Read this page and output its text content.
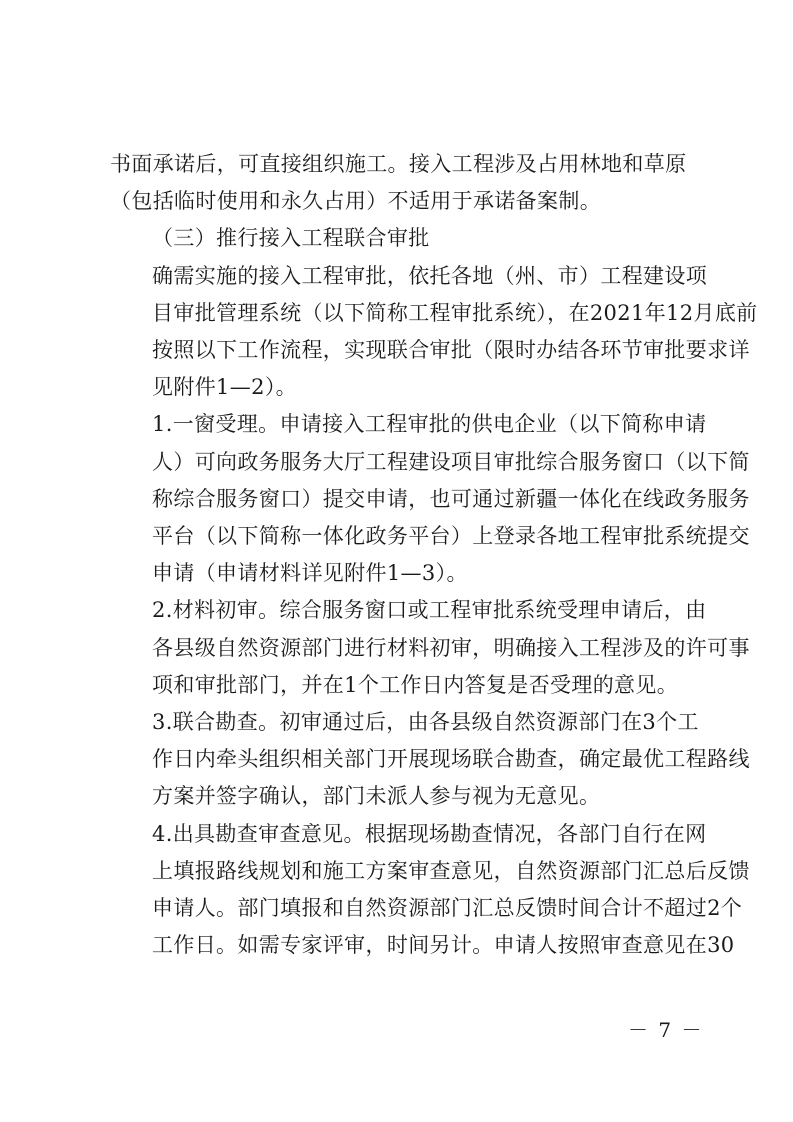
书面承诺后，可直接组织施工。接入工程涉及占用林地和草原
（包括临时使用和永久占用）不适用于承诺备案制。

（三）推行接入工程联合审批

确需实施的接入工程审批，依托各地（州、市）工程建设项
目审批管理系统（以下简称工程审批系统），在2021年12月底前
按照以下工作流程，实现联合审批（限时办结各环节审批要求详
见附件1—2）。

1.一窗受理。申请接入工程审批的供电企业（以下简称申请
人）可向政务服务大厅工程建设项目审批综合服务窗口（以下简
称综合服务窗口）提交申请，也可通过新疆一体化在线政务服务
平台（以下简称一体化政务平台）上登录各地工程审批系统提交
申请（申请材料详见附件1—3）。

2.材料初审。综合服务窗口或工程审批系统受理申请后，由
各县级自然资源部门进行材料初审，明确接入工程涉及的许可事
项和审批部门，并在1个工作日内答复是否受理的意见。

3.联合勘查。初审通过后，由各县级自然资源部门在3个工
作日内牵头组织相关部门开展现场联合勘查，确定最优工程路线
方案并签字确认，部门未派人参与视为无意见。

4.出具勘查审查意见。根据现场勘查情况，各部门自行在网
上填报路线规划和施工方案审查意见，自然资源部门汇总后反馈
申请人。部门填报和自然资源部门汇总反馈时间合计不超过2个
工作日。如需专家评审，时间另计。申请人按照审查意见在30

－ 7 －
